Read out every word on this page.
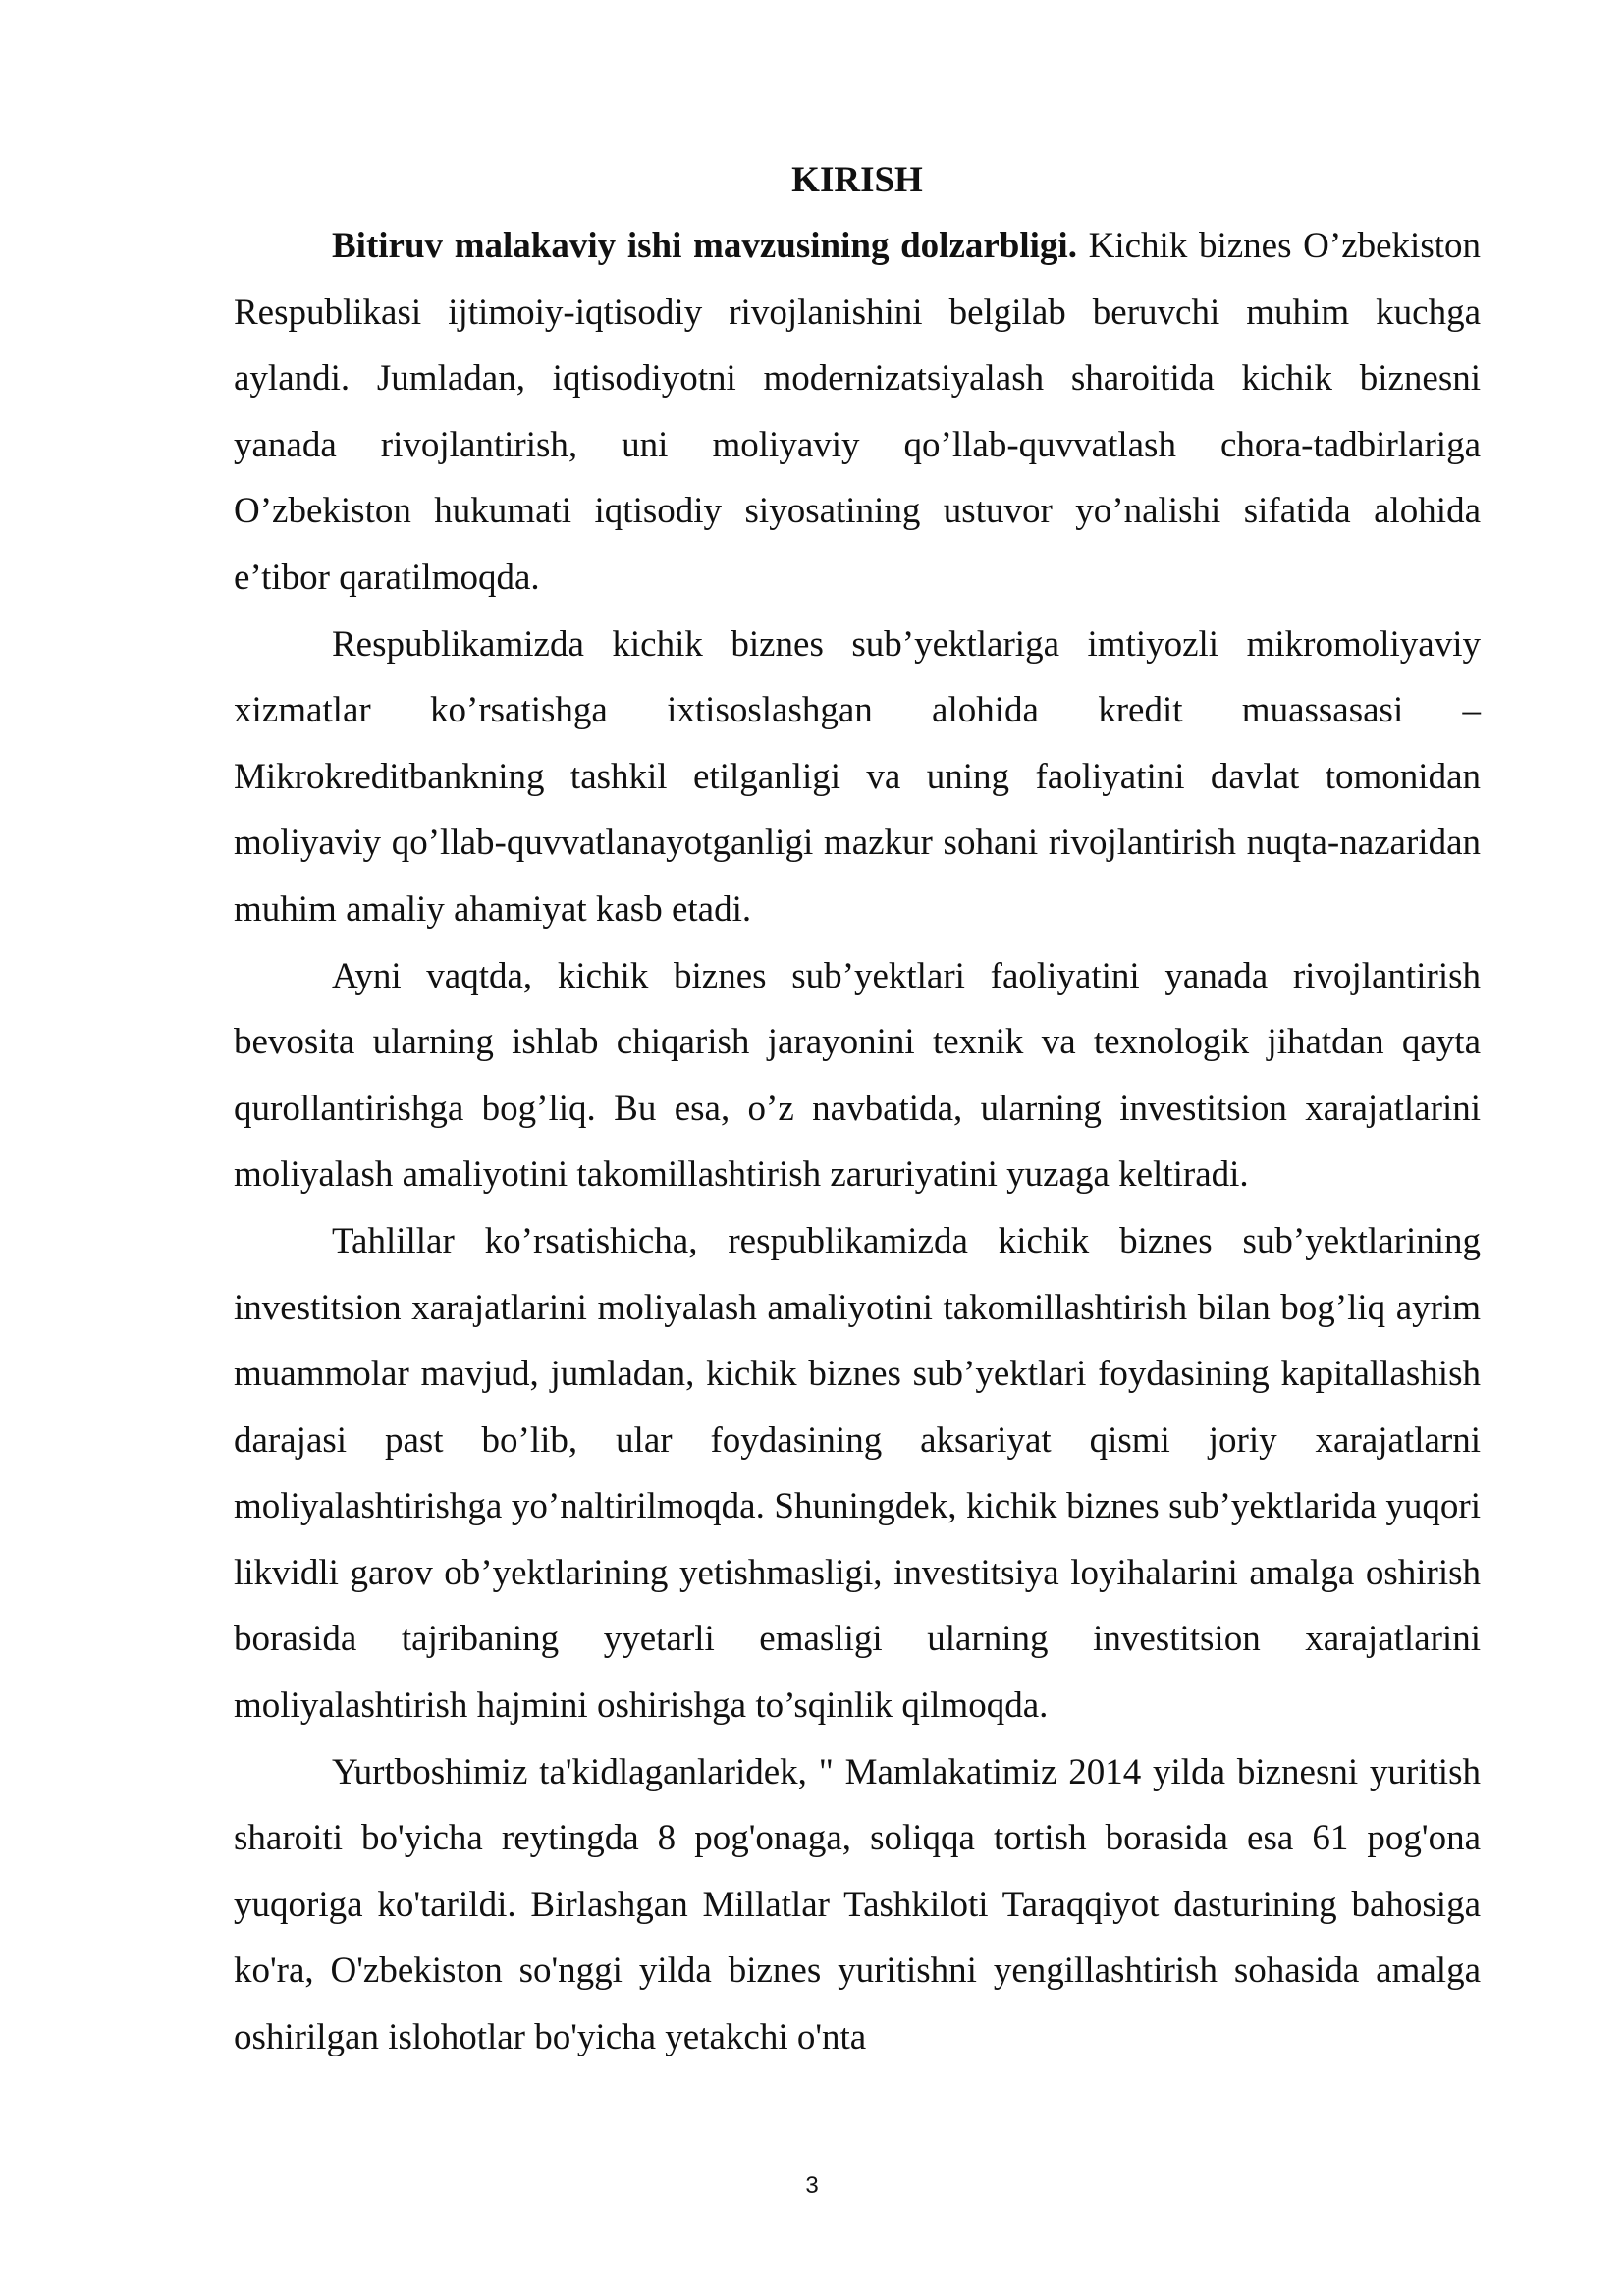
KIRISH

Bitiruv malakaviy ishi mavzusining dolzarbligi. Kichik biznes O’zbekiston Respublikasi ijtimoiy-iqtisodiy rivojlanishini belgilab beruvchi muhim kuchga aylandi. Jumladan, iqtisodiyotni modernizatsiyalash sharoitida kichik biznesni yanada rivojlantirish, uni moliyaviy qo’llab-quvvatlash chora-tadbirlariga O’zbekiston hukumati iqtisodiy siyosatining ustuvor yo’nalishi sifatida alohida e’tibor qaratilmoqda.

Respublikamizda kichik biznes sub’yektlariga imtiyozli mikromoliyaviy xizmatlar ko’rsatishga ixtisoslashgan alohida kredit muassasasi – Mikrokreditbankning tashkil etilganligi va uning faoliyatini davlat tomonidan moliyaviy qo’llab-quvvatlanayotganligi mazkur sohani rivojlantirish nuqta-nazaridan muhim amaliy ahamiyat kasb etadi.

Ayni vaqtda, kichik biznes sub’yektlari faoliyatini yanada rivojlantirish bevosita ularning ishlab chiqarish jarayonini texnik va texnologik jihatdan qayta qurollantirishga bog’liq. Bu esa, o’z navbatida, ularning investitsion xarajatlarini moliyalash amaliyotini takomillashtirish zaruriyatini yuzaga keltiradi.

Tahlillar ko’rsatishicha, respublikamizda kichik biznes sub’yektlarining investitsion xarajatlarini moliyalash amaliyotini takomillashtirish bilan bog’liq ayrim muammolar mavjud, jumladan, kichik biznes sub’yektlari foydasining kapitallashish darajasi past bo’lib, ular foydasining aksariyat qismi joriy xarajatlarni moliyalashtirishga yo’naltirilmoqda. Shuningdek, kichik biznes sub’yektlarida yuqori likvidli garov ob’yektlarining yetishmasligi, investitsiya loyihalarini amalga oshirish borasida tajribaning yyetarli emasligi ularning investitsion xarajatlarini moliyalashtirish hajmini oshirishga to’sqinlik qilmoqda.

Yurtboshimiz ta'kidlaganlaridek, " Mamlakatimiz 2014 yilda biznesni yuritish sharoiti bo'yicha reytingda 8 pog'onaga, soliqqa tortish borasida esa 61 pog'ona yuqoriga ko'tarildi. Birlashgan Millatlar Tashkiloti Taraqqiyot dasturining bahosiga ko'ra, O'zbekiston so'nggi yilda biznes yuritishni yengillashtirish sohasida amalga oshirilgan islohotlar bo'yicha yetakchi o'nta

3
